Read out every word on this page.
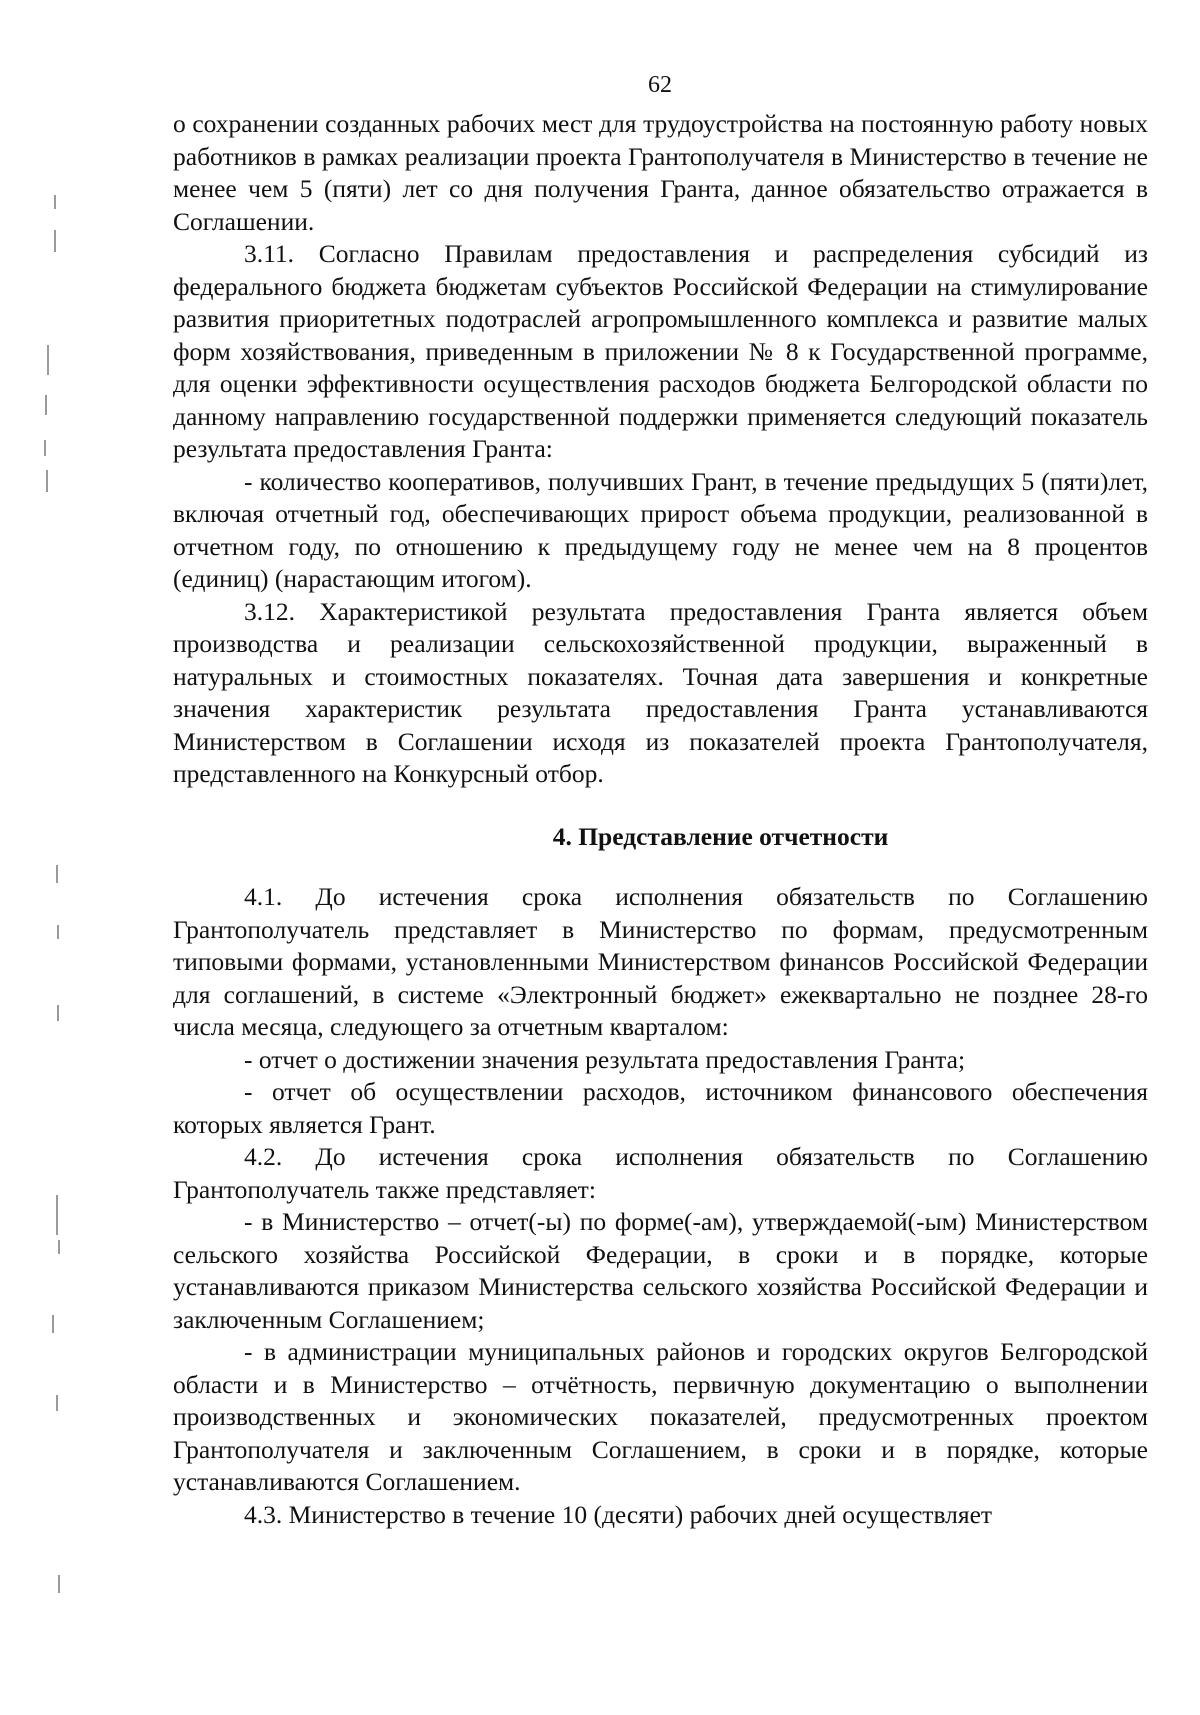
62

о сохранении созданных рабочих мест для трудоустройства на постоянную работу новых работников в рамках реализации проекта Грантополучателя в Министерство в течение не менее чем 5 (пяти) лет со дня получения Гранта, данное обязательство отражается в Соглашении.

3.11. Согласно Правилам предоставления и распределения субсидий из федерального бюджета бюджетам субъектов Российской Федерации на стимулирование развития приоритетных подотраслей агропромышленного комплекса и развитие малых форм хозяйствования, приведенным в приложении № 8 к Государственной программе, для оценки эффективности осуществления расходов бюджета Белгородской области по данному направлению государственной поддержки применяется следующий показатель результата предоставления Гранта:

- количество кооперативов, получивших Грант, в течение предыдущих 5 (пяти)лет, включая отчетный год, обеспечивающих прирост объема продукции, реализованной в отчетном году, по отношению к предыдущему году не менее чем на 8 процентов (единиц) (нарастающим итогом).

3.12. Характеристикой результата предоставления Гранта является объем производства и реализации сельскохозяйственной продукции, выраженный в натуральных и стоимостных показателях. Точная дата завершения и конкретные значения характеристик результата предоставления Гранта устанавливаются Министерством в Соглашении исходя из показателей проекта Грантополучателя, представленного на Конкурсный отбор.

4. Представление отчетности

4.1. До истечения срока исполнения обязательств по Соглашению Грантополучатель представляет в Министерство по формам, предусмотренным типовыми формами, установленными Министерством финансов Российской Федерации для соглашений, в системе «Электронный бюджет» ежеквартально не позднее 28-го числа месяца, следующего за отчетным кварталом:

- отчет о достижении значения результата предоставления Гранта;

- отчет об осуществлении расходов, источником финансового обеспечения которых является Грант.

4.2. До истечения срока исполнения обязательств по Соглашению Грантополучатель также представляет:

- в Министерство – отчет(-ы) по форме(-ам), утверждаемой(-ым) Министерством сельского хозяйства Российской Федерации, в сроки и в порядке, которые устанавливаются приказом Министерства сельского хозяйства Российской Федерации и заключенным Соглашением;

- в администрации муниципальных районов и городских округов Белгородской области и в Министерство – отчётность, первичную документацию о выполнении производственных и экономических показателей, предусмотренных проектом Грантополучателя и заключенным Соглашением, в сроки и в порядке, которые устанавливаются Соглашением.

4.3. Министерство в течение 10 (десяти) рабочих дней осуществляет
